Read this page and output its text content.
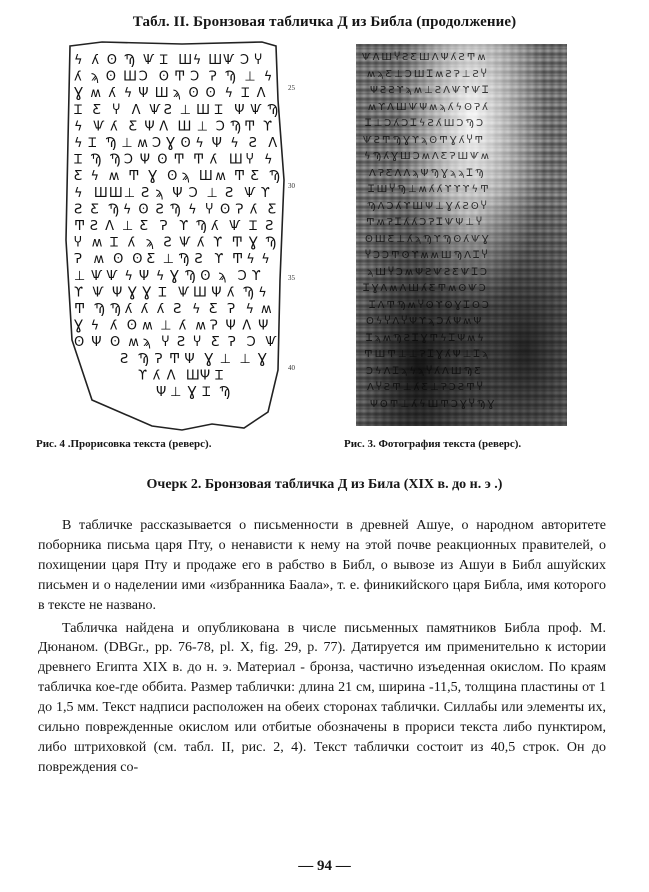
Табл. II. Бронзовая табличка Д из Библа (продолжение)
ϟ ʎ ʘ Ϡ Ѱ Ꮖ Ш ϟ Ш Ѱ Ͻ Ⴤ
ʎ ϡ ʘ Ш Ͻ ʘ Ͳ Ͻ Ɂ Ϡ ⊥ ϟ
Ɣ ʍ ʎ ϟ Ψ Ш ϡ ʘ ʘ ϟ Ꮖ Λ
Ꮖ Ƹ Ⴤ Λ Ѱ Ƨ ⊥ Ш Ꮖ Ψ Ѱ Ϡ
ϟ Ѱ ʎ Ƹ Ψ Λ Ш ⊥ Ͻ Ϡ Ͳ ϒ
ϟ Ꮖ Ϡ ⊥ ʍ Ͻ Ɣ ʘ ϟ Ψ ϟ Ƨ Λ
Ꮖ Ϡ Ϡ Ͻ Ψ ʘ Ͳ Ͳ ʎ Ш Ⴤ ϟ
Ƹ ϟ ʍ Ͳ Ɣ ʘ ϡ Ш ʍ Ͳ Ƹ Ϡ
ϟ Ш Ш ⊥ Ƨ ϡ Ψ Ͻ ⊥ Ƨ Ѱ ϒ
Ƨ Ƹ Ϡ ϟ ʘ Ƨ Ϡ ϟ Ⴤ ʘ Ɂ ʎ Ƹ
Ͳ Ƨ Λ ⊥ Ƹ Ɂ ϒ Ϡ ʎ Ѱ Ꮖ Ƨ
Ⴤ ʍ Ꮖ ʎ ϡ Ƨ Ѱ ʎ ϒ Ͳ Ɣ Ϡ
Ɂ ʍ ʘ ʘ Ƹ ⊥ Ϡ Ƨ ϒ Ͳ ϟ ϟ
⊥ Ѱ Ѱ ϟ Ψ ϟ Ɣ Ϡ ʘ ϡ Ͻ ϒ
ϒ Ѱ Ψ Ɣ Ɣ Ꮖ Ѱ Ш Ψ ʎ Ϡ ϟ
Ͳ Ϡ Ϡ ʎ ʎ ʎ Ƨ ϟ Ƹ Ɂ ϟ ʍ
Ɣ ϟ ʎ ʘ ʍ ⊥ ʎ ʍ Ɂ Ψ Λ Ψ
ʘ Ψ ʘ ʍ ϡ Ⴤ Ƨ Ⴤ Ƹ Ɂ Ͻ Ѱ
Ƨ Ϡ Ɂ Ͳ Ψ Ɣ ⊥ ⊥ Ɣ
ϒ ʎ Λ Ш Ψ Ꮖ
Ψ ⊥ Ɣ Ꮖ Ϡ
25
30
35
40
ѰΛШჄƧƸШΛΨʎƧͲʍ
ʍϡƸ⊥ϽШᏆʍƧɁ⊥ƧჄ
ΨƧƧϒϡʍ⊥ƧΛѰϒѰᏆ
ʍϒΛШѰΨʍϡʎϟʘɁʎ
Ꮖ⊥ϽʎϽᏆϟƧʎШϽϠϽ
ѰƧͲϠƔϒϡʘͲƔʎჄͲ
ϟϠʎƔШϽʍΛƸɁШѰʍ
ΛɁƸΛΛϡΨϠƔϡϡᏆϠ
ᏆШჄϠ⊥ʍʎʎϒϒϒϟͲ
ϠΛϽʎϒШΨ⊥ƔʎƧʘჄ
ͲʍɁᏆʎʎϽɁᏆѰΨ⊥Ⴤ
ʘШƸ⊥ʎϡϠϒϠʘʎѰƔ
ჄϽϽͲʘϒʍʍШϠΛᏆჄ
ϡШჄϽʍΨƧѰƧƸѰᏆϽ
ᏆƔΛʍΛШʎƸͲʍʘѰϽ
ᏆΛͲϠʍჄʘϒʘƔᏆʘϽ
ʘϟჄΛჄΨϒϡϽʎΨʍΨ
ᏆϡʍϠƧᏆƔͲϟᏆΨʍϟ
ͲШͲ⊥⊥ɁᏆƔʎΨ⊥Ꮖϡ
ϽϟΛᏆϡϟϡჄʎΛШϠƸ
ΛჄƧͲ⊥ʎƸ⊥ɁϽƧͲჄ
ΨʘͲ⊥ʎϟШͲϽƔჄϠƔ
Рис. 4 .Прорисовка текста (реверс).	Рис. 3. Фотография текста (реверс).
Очерк 2. Бронзовая табличка Д из Била (XIX в. до н. э .)

В табличке рассказывается о письменности в древней Ашуе, о народном авторитете поборника письма царя Пту, о ненависти к нему на этой почве реакционных правителей, о похищении царя Пту и продаже его в рабство в Библ, о вывозе из Ашуи в Библ ашуйских письмен и о наделении ими «избранника Баала», т. е. финикийского царя Библа, имя которого в тексте не названо.

Табличка найдена и опубликована в числе письменных памятников Библа проф. М. Дюнаном. (DBGr., pp. 76-78, pl. X, fig. 29, p. 77). Датируется им применительно к истории древнего Египта XIX в. до н. э. Материал - бронза, частично изъеденная окислом. По краям табличка кое-где оббита. Размер таблички: длина 21 см, ширина -11,5, толщина пластины от 1 до 1,5 мм. Текст надписи расположен на обеих сторонах таблички. Силлабы или элементы их, сильно поврежденные окислом или отбитые обозначены в прориси текста либо пунктиром, либо штриховкой (см. табл. II, рис. 2, 4). Текст таблички состоит из 40,5 строк. Он до повреждения со-

— 94 —
